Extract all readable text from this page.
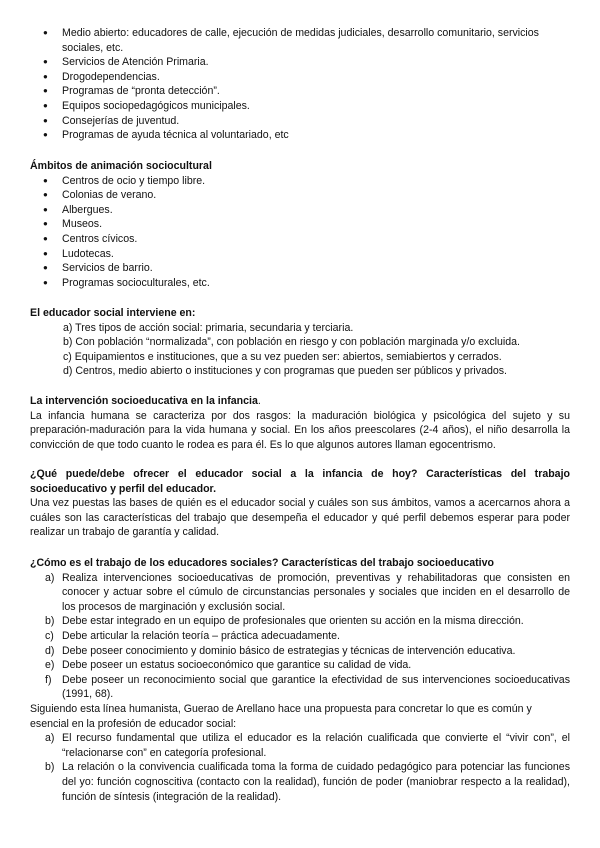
● Medio abierto: educadores de calle, ejecución de medidas judiciales, desarrollo comunitario, servicios sociales, etc.
● Servicios de Atención Primaria.
● Drogodependencias.
● Programas de “pronta detección”.
● Equipos sociopedagógicos municipales.
● Consejerías de juventud.
● Programas de ayuda técnica al voluntariado, etc
Ámbitos de animación sociocultural
● Centros de ocio y tiempo libre.
● Colonias de verano.
● Albergues.
● Museos.
● Centros cívicos.
● Ludotecas.
● Servicios de barrio.
● Programas socioculturales, etc.
El educador social interviene en:
a) Tres tipos de acción social: primaria, secundaria y terciaria.
b) Con población “normalizada”, con población en riesgo y con población marginada y/o excluida.
c) Equipamientos e instituciones, que a su vez pueden ser: abiertos, semiabiertos y cerrados.
d) Centros, medio abierto o instituciones y con programas que pueden ser públicos y privados.
La intervención socioeducativa en la infancia.

La infancia humana se caracteriza por dos rasgos: la maduración biológica y psicológica del sujeto y su preparación-maduración para la vida humana y social. En los años preescolares (2-4 años), el niño desarrolla la convicción de que todo cuanto le rodea es para él. Es lo que algunos autores llaman egocentrismo.

¿Qué puede/debe ofrecer el educador social a la infancia de hoy? Características del trabajo socioeducativo y perfil del educador.

Una vez puestas las bases de quién es el educador social y cuáles son sus ámbitos, vamos a acercarnos ahora a cuáles son las características del trabajo que desempeña el educador y qué perfil debemos esperar para poder realizar un trabajo de garantía y calidad.

¿Cómo es el trabajo de los educadores sociales? Características del trabajo socioeducativo
a) Realiza intervenciones socioeducativas de promoción, preventivas y rehabilitadoras que consisten en conocer y actuar sobre el cúmulo de circunstancias personales y sociales que inciden en el desarrollo de los procesos de marginación y exclusión social.
b) Debe estar integrado en un equipo de profesionales que orienten su acción en la misma dirección.
c) Debe articular la relación teoría – práctica adecuadamente.
d) Debe poseer conocimiento y dominio básico de estrategias y técnicas de intervención educativa.
e) Debe poseer un estatus socioeconómico que garantice su calidad de vida.
f) Debe poseer un reconocimiento social que garantice la efectividad de sus intervenciones socioeducativas (1991, 68).

Siguiendo esta línea humanista, Guerao de Arellano hace una propuesta para concretar lo que es común y esencial en la profesión de educador social:

a) El recurso fundamental que utiliza el educador es la relación cualificada que convierte el “vivir con”, el “relacionarse con” en categoría profesional.
b) La relación o la convivencia cualificada toma la forma de cuidado pedagógico para potenciar las funciones del yo: función cognoscitiva (contacto con la realidad), función de poder (maniobrar respecto a la realidad), función de síntesis (integración de la realidad).
